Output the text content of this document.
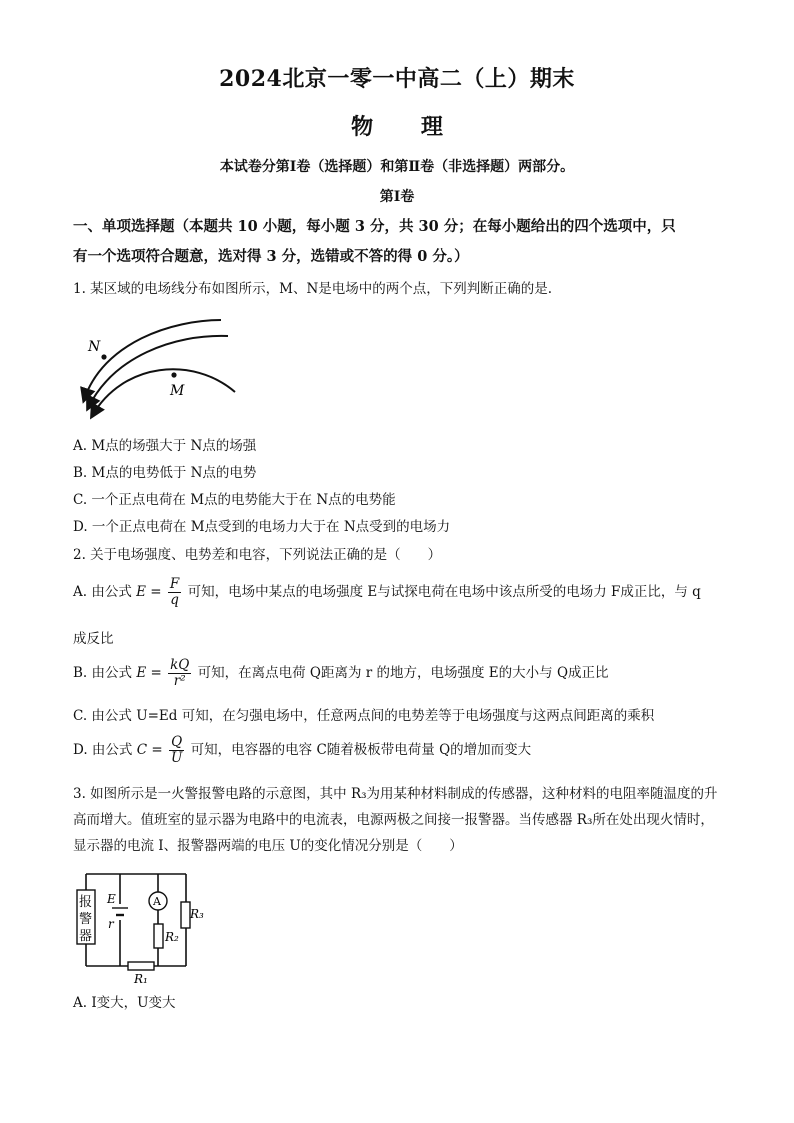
2024北京一零一中高二（上）期末
物 理
本试卷分第Ⅰ卷（选择题）和第Ⅱ卷（非选择题）两部分。
第Ⅰ卷
一、单项选择题（本题共 10 小题，每小题 3 分，共 30 分；在每小题给出的四个选项中，只
有一个选项符合题意，选对得 3 分，选错或不答的得 0 分。）
1. 某区域的电场线分布如图所示，M、N是电场中的两个点，下列判断正确的是.
N
M
A. M点的场强大于 N点的场强
B. M点的电势低于 N点的电势
C. 一个正点电荷在 M点的电势能大于在 N点的电势能
D. 一个正点电荷在 M点受到的电场力大于在 N点受到的电场力
2. 关于电场强度、电势差和电容，下列说法正确的是（　　）
A. 由公式 $E = \frac{F}{q}$ 可知，电场中某点的电场强度 E与试探电荷在电场中该点所受的电场力 F成正比，与 q
成反比
B. 由公式 $E = \frac{kQ}{\text{r²}}$ 可知，在离点电荷 Q距离为 r 的地方，电场强度 E的大小与 Q成正比
C. 由公式 U=Ed 可知，在匀强电场中，任意两点间的电势差等于电场强度与这两点间距离的乘积
D. 由公式 $C = \frac{Q}{U}$ 可知，电容器的电容 C随着极板带电荷量 Q的增加而变大
3. 如图所示是一火警报警电路的示意图，其中 R₃为用某种材料制成的传感器，这种材料的电阻率随温度的升高而增大。值班室的显示器为电路中的电流表，电源两极之间接一报警器。当传感器 R₃所在处出现火情时，显示器的电流 I、报警器两端的电压 U的变化情况分别是（　　）
报
警
器
E
r
A
R₂
R₃
R₁
A. I变大，U变大
